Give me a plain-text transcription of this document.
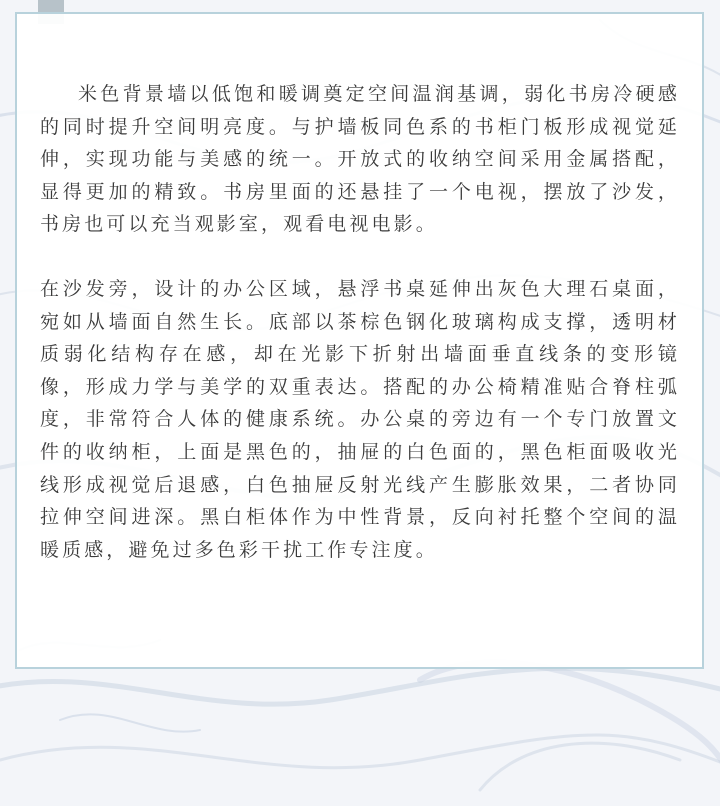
米色背景墙以低饱和暖调奠定空间温润基调，弱化书房冷硬感的同时提升空间明亮度。与护墙板同色系的书柜门板形成视觉延伸，实现功能与美感的统一。开放式的收纳空间采用金属搭配，显得更加的精致。书房里面的还悬挂了一个电视，摆放了沙发，书房也可以充当观影室，观看电视电影。

在沙发旁，设计的办公区域，悬浮书桌延伸出灰色大理石桌面，宛如从墙面自然生长。底部以茶棕色钢化玻璃构成支撑，透明材质弱化结构存在感，却在光影下折射出墙面垂直线条的变形镜像，形成力学与美学的双重表达。搭配的办公椅精准贴合脊柱弧度，非常符合人体的健康系统。办公桌的旁边有一个专门放置文件的收纳柜，上面是黑色的，抽屉的白色面的，黑色柜面吸收光线形成视觉后退感，白色抽屉反射光线产生膨胀效果，二者协同拉伸空间进深。黑白柜体作为中性背景，反向衬托整个空间的温暖质感，避免过多色彩干扰工作专注度。
